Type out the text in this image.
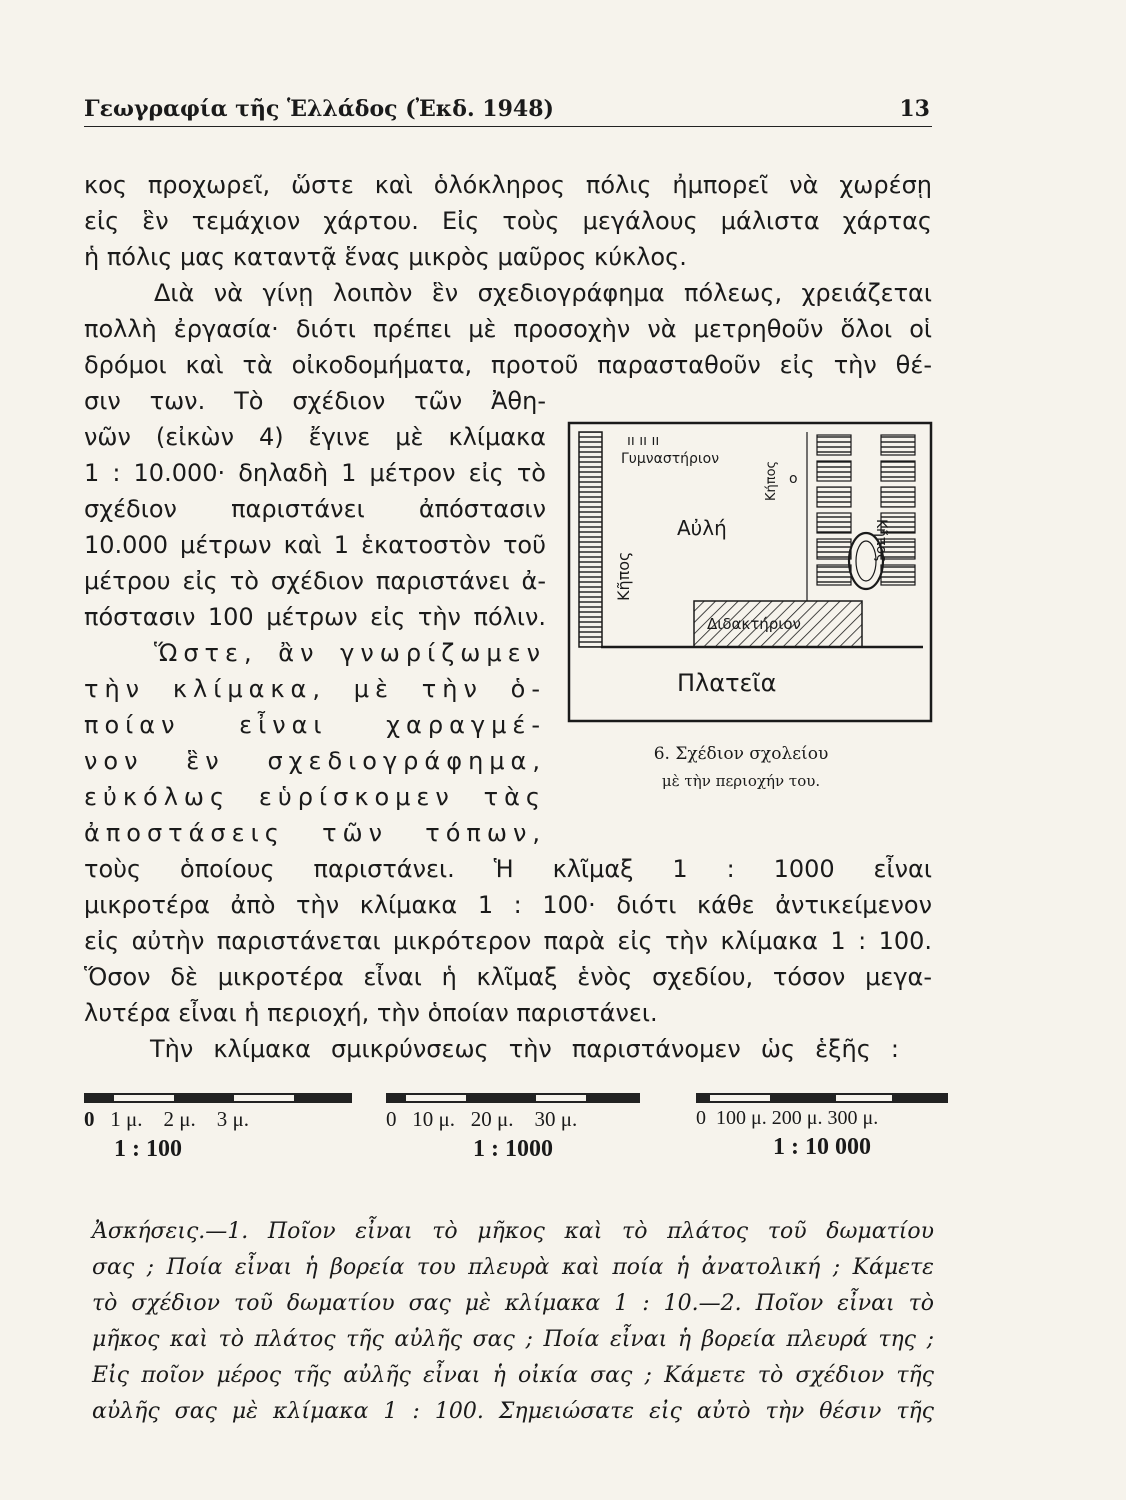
Γεωγραφία τῆς Ἑλλάδος (Ἐκδ. 1948)	13
κος προχωρεῖ, ὥστε καὶ ὁλόκληρος πόλις ἠμπορεῖ νὰ χωρέσῃ
εἰς ἓν τεμάχιον χάρτου. Εἰς τοὺς μεγάλους μάλιστα χάρτας
ἡ πόλις μας καταντᾷ ἕνας μικρὸς μαῦρος κύκλος.
Διὰ νὰ γίνῃ λοιπὸν ἓν σχεδιογράφημα πόλεως, χρειάζεται
πολλὴ ἐργασία· διότι πρέπει μὲ προσοχὴν νὰ μετρηθοῦν ὅλοι οἱ
δρόμοι καὶ τὰ οἰκοδομήματα, προτοῦ παρασταθοῦν εἰς τὴν θέ-
σιν των. Τὸ σχέδιον τῶν Ἀθη-
νῶν (εἰκὼν 4) ἔγινε μὲ κλίμακα
1 : 10.000· δηλαδὴ 1 μέτρον εἰς τὸ
σχέδιον παριστάνει ἀπόστασιν
10.000 μέτρων καὶ 1 ἑκατοστὸν τοῦ
μέτρου εἰς τὸ σχέδιον παριστάνει ἀ-
πόστασιν 100 μέτρων εἰς τὴν πόλιν.
Ὥστε, ἂν γνωρίζωμεν
τὴν κλίμακα, μὲ τὴν ὁ-
ποίαν εἶναι χαραγμέ-
νον ἓν σχεδιογράφημα,
εὐκόλως εὑρίσκομεν τὰς
ἀποστάσεις τῶν τόπων,
τοὺς ὁποίους παριστάνει. Ἡ κλῖμαξ 1 : 1000 εἶναι
μικροτέρα ἀπὸ τὴν κλίμακα 1 : 100· διότι κάθε ἀντικείμενον
εἰς αὐτὴν παριστάνεται μικρότερον παρὰ εἰς τὴν κλίμακα 1 : 100.
Ὅσον δὲ μικροτέρα εἶναι ἡ κλῖμαξ ἑνὸς σχεδίου, τόσον μεγα-
λυτέρα εἶναι ἡ περιοχή, τὴν ὁποίαν παριστάνει.
Τὴν κλίμακα σμικρύνσεως τὴν παριστάνομεν ὡς ἑξῆς :
ıı ıı ıı
Γυμναστήριον
Αὐλή
Κῆπος
Κῆπος
Κήπος ο
Διδακτήριον
Πλατεῖα
6. Σχέδιον σχολείου
μὲ τὴν περιοχήν του.
0 1 μ. 2 μ. 3 μ.
1 : 100
0 10 μ. 20 μ. 30 μ.
1 : 1000
0 100 μ. 200 μ. 300 μ.
1 : 10 000
Ἀσκήσεις.—1. Ποῖον εἶναι τὸ μῆκος καὶ τὸ πλάτος τοῦ δωματίου
σας ; Ποία εἶναι ἡ βορεία του πλευρὰ καὶ ποία ἡ ἀνατολική ; Κάμετε
τὸ σχέδιον τοῦ δωματίου σας μὲ κλίμακα 1 : 10.—2. Ποῖον εἶναι τὸ
μῆκος καὶ τὸ πλάτος τῆς αὐλῆς σας ; Ποία εἶναι ἡ βορεία πλευρά της ;
Εἰς ποῖον μέρος τῆς αὐλῆς εἶναι ἡ οἰκία σας ; Κάμετε τὸ σχέδιον τῆς
αὐλῆς σας μὲ κλίμακα 1 : 100. Σημειώσατε εἰς αὐτὸ τὴν θέσιν τῆς
